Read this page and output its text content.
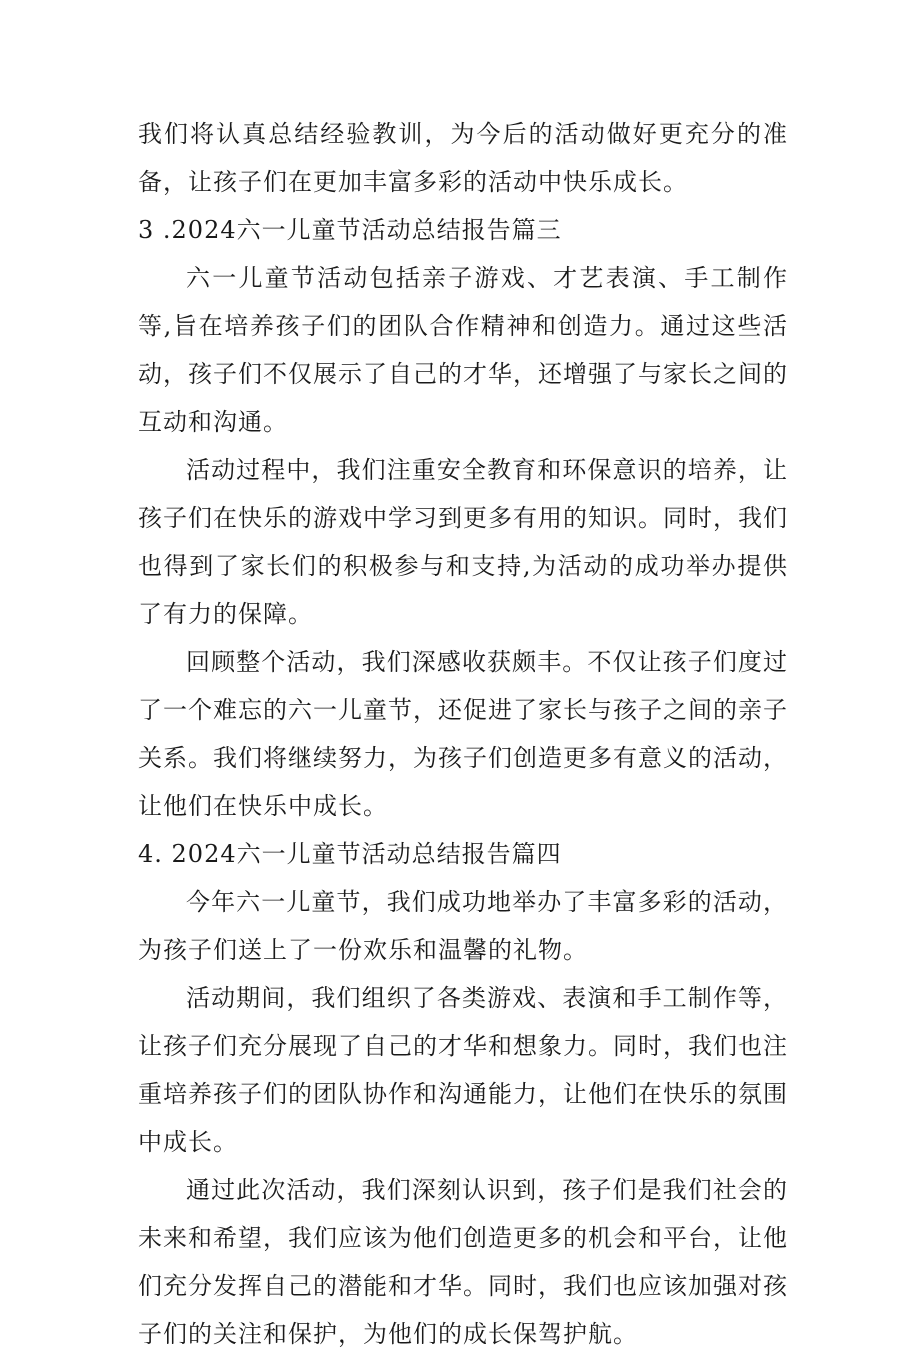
我们将认真总结经验教训，为今后的活动做好更充分的准备，让孩子们在更加丰富多彩的活动中快乐成长。

3 .2024六一儿童节活动总结报告篇三

六一儿童节活动包括亲子游戏、才艺表演、手工制作等,旨在培养孩子们的团队合作精神和创造力。通过这些活动，孩子们不仅展示了自己的才华，还增强了与家长之间的互动和沟通。

活动过程中，我们注重安全教育和环保意识的培养，让孩子们在快乐的游戏中学习到更多有用的知识。同时，我们也得到了家长们的积极参与和支持,为活动的成功举办提供了有力的保障。

回顾整个活动，我们深感收获颇丰。不仅让孩子们度过了一个难忘的六一儿童节，还促进了家长与孩子之间的亲子关系。我们将继续努力，为孩子们创造更多有意义的活动，让他们在快乐中成长。

4. 2024六一儿童节活动总结报告篇四

今年六一儿童节，我们成功地举办了丰富多彩的活动，为孩子们送上了一份欢乐和温馨的礼物。

活动期间，我们组织了各类游戏、表演和手工制作等，让孩子们充分展现了自己的才华和想象力。同时，我们也注重培养孩子们的团队协作和沟通能力，让他们在快乐的氛围中成长。

通过此次活动，我们深刻认识到，孩子们是我们社会的未来和希望，我们应该为他们创造更多的机会和平台，让他们充分发挥自己的潜能和才华。同时，我们也应该加强对孩子们的关注和保护，为他们的成长保驾护航。
